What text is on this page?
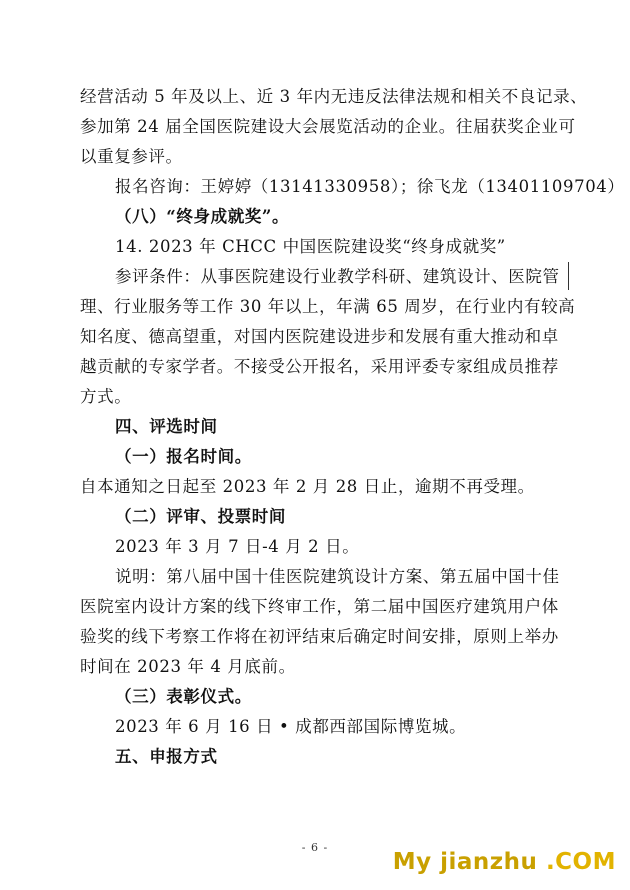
经营活动 5 年及以上、近 3 年内无违反法律法规和相关不良记录、
参加第 24 届全国医院建设大会展览活动的企业。往届获奖企业可
以重复参评。
报名咨询：王婷婷（13141330958）；徐飞龙（13401109704）
（八）“终身成就奖”。
14. 2023 年 CHCC 中国医院建设奖“终身成就奖”
参评条件：从事医院建设行业教学科研、建筑设计、医院管
理、行业服务等工作 30 年以上，年满 65 周岁，在行业内有较高
知名度、德高望重，对国内医院建设进步和发展有重大推动和卓
越贡献的专家学者。不接受公开报名，采用评委专家组成员推荐
方式。
四、评选时间
（一）报名时间。
自本通知之日起至 2023 年 2 月 28 日止，逾期不再受理。
（二）评审、投票时间
2023 年 3 月 7 日-4 月 2 日。
说明：第八届中国十佳医院建筑设计方案、第五届中国十佳
医院室内设计方案的线下终审工作，第二届中国医疗建筑用户体
验奖的线下考察工作将在初评结束后确定时间安排，原则上举办
时间在 2023 年 4 月底前。
（三）表彰仪式。
2023 年 6 月 16 日 • 成都西部国际博览城。
五、申报方式
- 6 -
My jianzhu .COM
